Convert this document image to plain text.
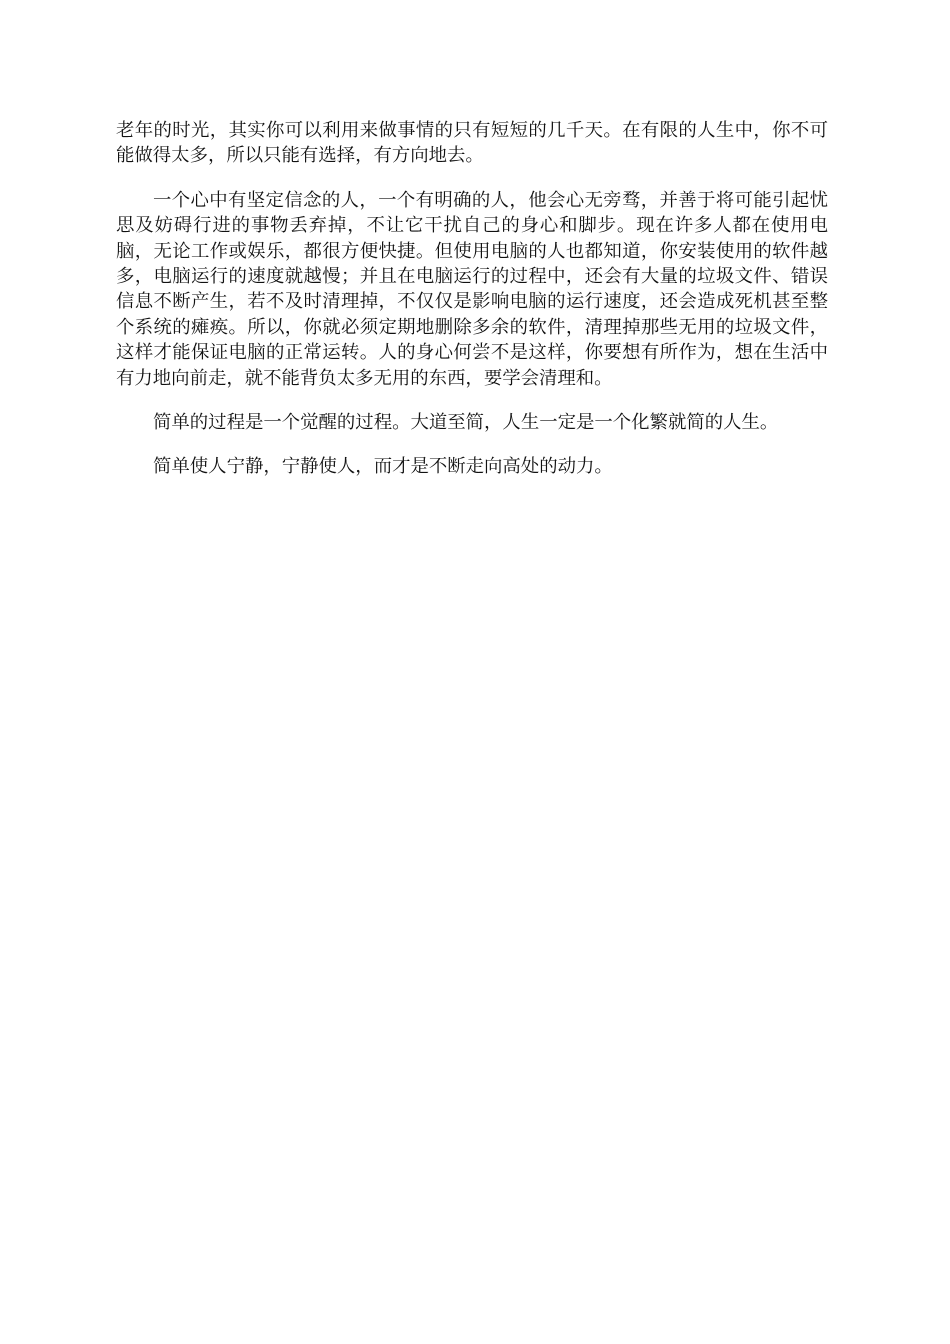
老年的时光，其实你可以利用来做事情的只有短短的几千天。在有限的人生中，你不可能做得太多，所以只能有选择，有方向地去。

一个心中有坚定信念的人，一个有明确的人，他会心无旁骛，并善于将可能引起忧思及妨碍行进的事物丢弃掉，不让它干扰自己的身心和脚步。现在许多人都在使用电脑，无论工作或娱乐，都很方便快捷。但使用电脑的人也都知道，你安装使用的软件越多，电脑运行的速度就越慢；并且在电脑运行的过程中，还会有大量的垃圾文件、错误信息不断产生，若不及时清理掉，不仅仅是影响电脑的运行速度，还会造成死机甚至整个系统的瘫痪。所以，你就必须定期地删除多余的软件，清理掉那些无用的垃圾文件，这样才能保证电脑的正常运转。人的身心何尝不是这样，你要想有所作为，想在生活中有力地向前走，就不能背负太多无用的东西，要学会清理和。

简单的过程是一个觉醒的过程。大道至简，人生一定是一个化繁就简的人生。

简单使人宁静，宁静使人，而才是不断走向高处的动力。
